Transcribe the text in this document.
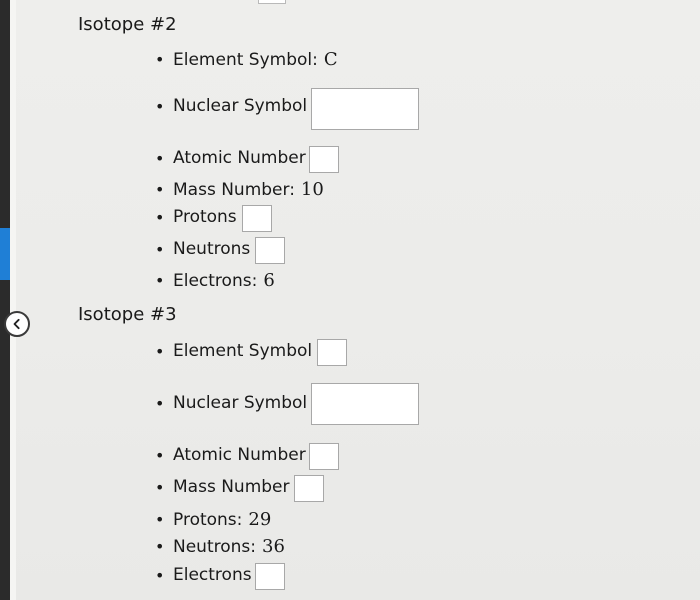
Isotope #2
• Element Symbol: C
• Nuclear Symbol
• Atomic Number
• Mass Number: 10
• Protons
• Neutrons
• Electrons: 6
Isotope #3
• Element Symbol
• Nuclear Symbol
• Atomic Number
• Mass Number
• Protons: 29
• Neutrons: 36
• Electrons
